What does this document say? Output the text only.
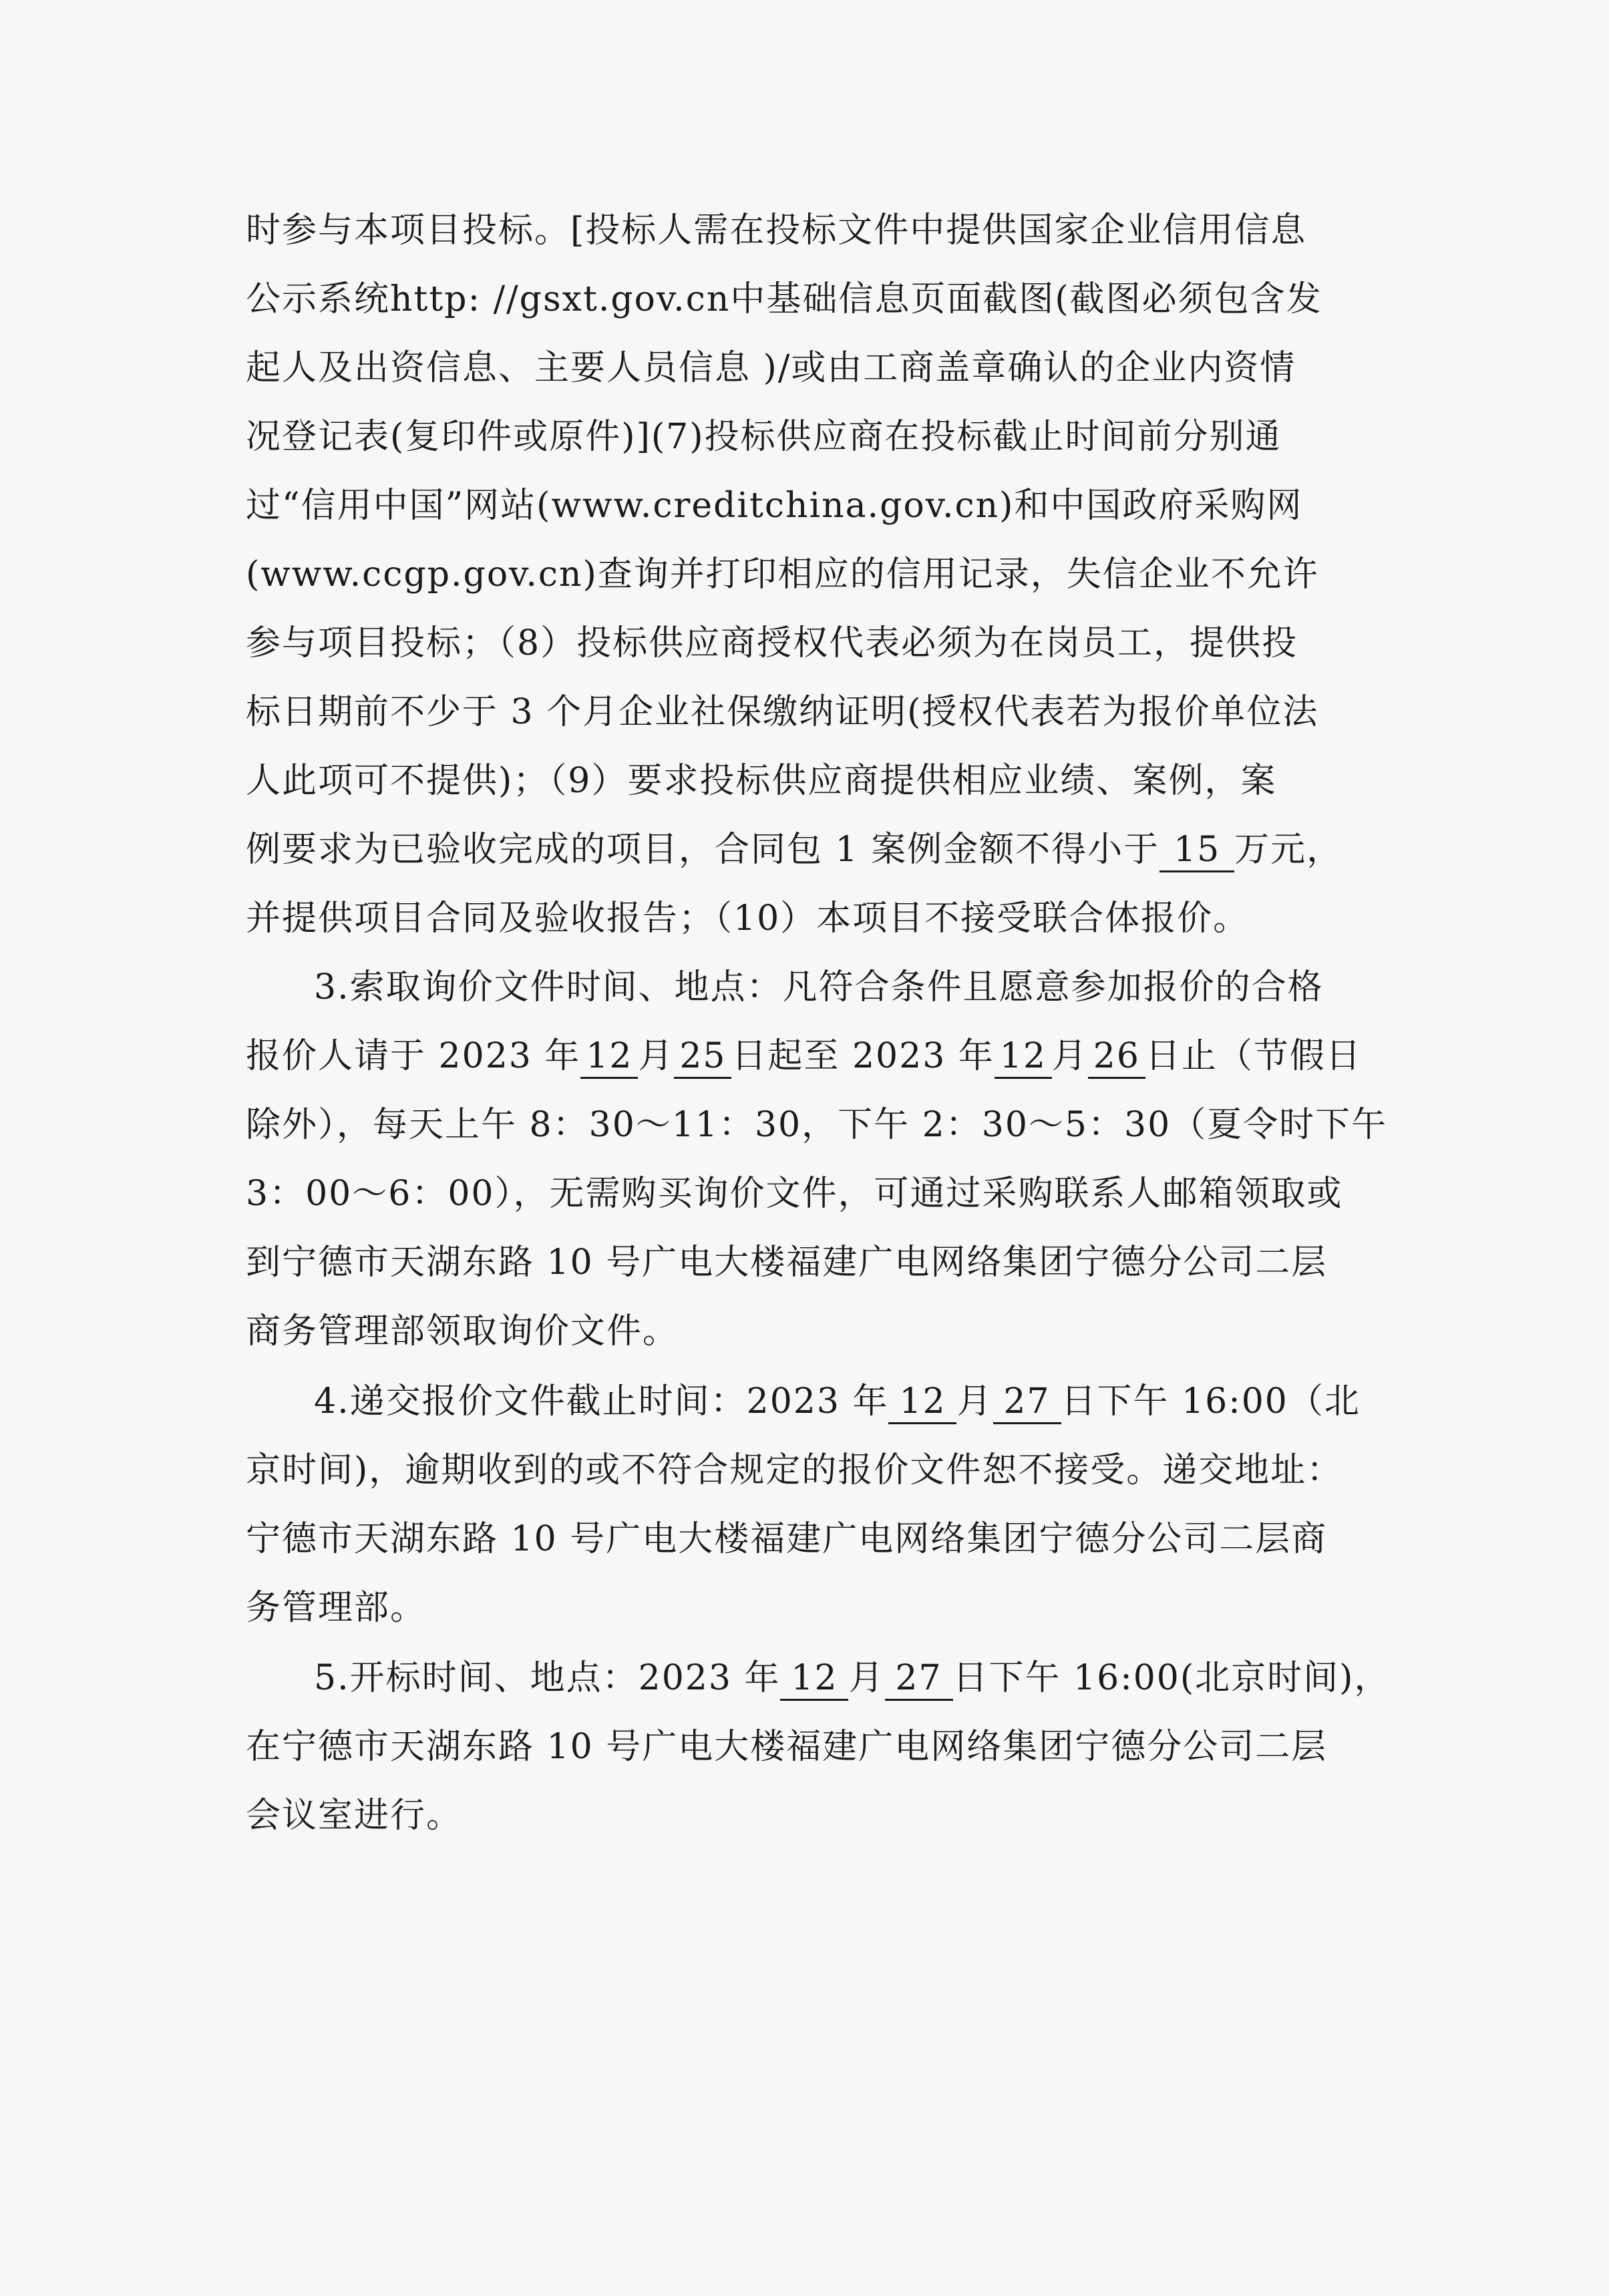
时参与本项目投标。[投标人需在投标文件中提供国家企业信用信息
公示系统http: //gsxt.gov.cn中基础信息页面截图(截图必须包含发
起人及出资信息、主要人员信息 )/或由工商盖章确认的企业内资情
况登记表(复印件或原件)](7)投标供应商在投标截止时间前分别通
过“信用中国”网站(www.creditchina.gov.cn)和中国政府采购网
(www.ccgp.gov.cn)查询并打印相应的信用记录，失信企业不允许
参与项目投标；（8）投标供应商授权代表必须为在岗员工，提供投
标日期前不少于 3 个月企业社保缴纳证明(授权代表若为报价单位法
人此项可不提供)；（9）要求投标供应商提供相应业绩、案例，案
例要求为已验收完成的项目，合同包 1 案例金额不得小于 15 万元，
并提供项目合同及验收报告；（10）本项目不接受联合体报价。
3.索取询价文件时间、地点：凡符合条件且愿意参加报价的合格
报价人请于 2023 年 12 月 25 日起至 2023 年 12 月 26 日止（节假日
除外），每天上午 8：30～11：30，下午 2：30～5：30（夏令时下午
3：00～6：00），无需购买询价文件，可通过采购联系人邮箱领取或
到宁德市天湖东路 10 号广电大楼福建广电网络集团宁德分公司二层
商务管理部领取询价文件。
4.递交报价文件截止时间：2023 年 12 月 27 日下午 16:00（北
京时间)，逾期收到的或不符合规定的报价文件恕不接受。递交地址：
宁德市天湖东路 10 号广电大楼福建广电网络集团宁德分公司二层商
务管理部。
5.开标时间、地点：2023 年 12 月 27 日下午 16:00(北京时间)，
在宁德市天湖东路 10 号广电大楼福建广电网络集团宁德分公司二层
会议室进行。
